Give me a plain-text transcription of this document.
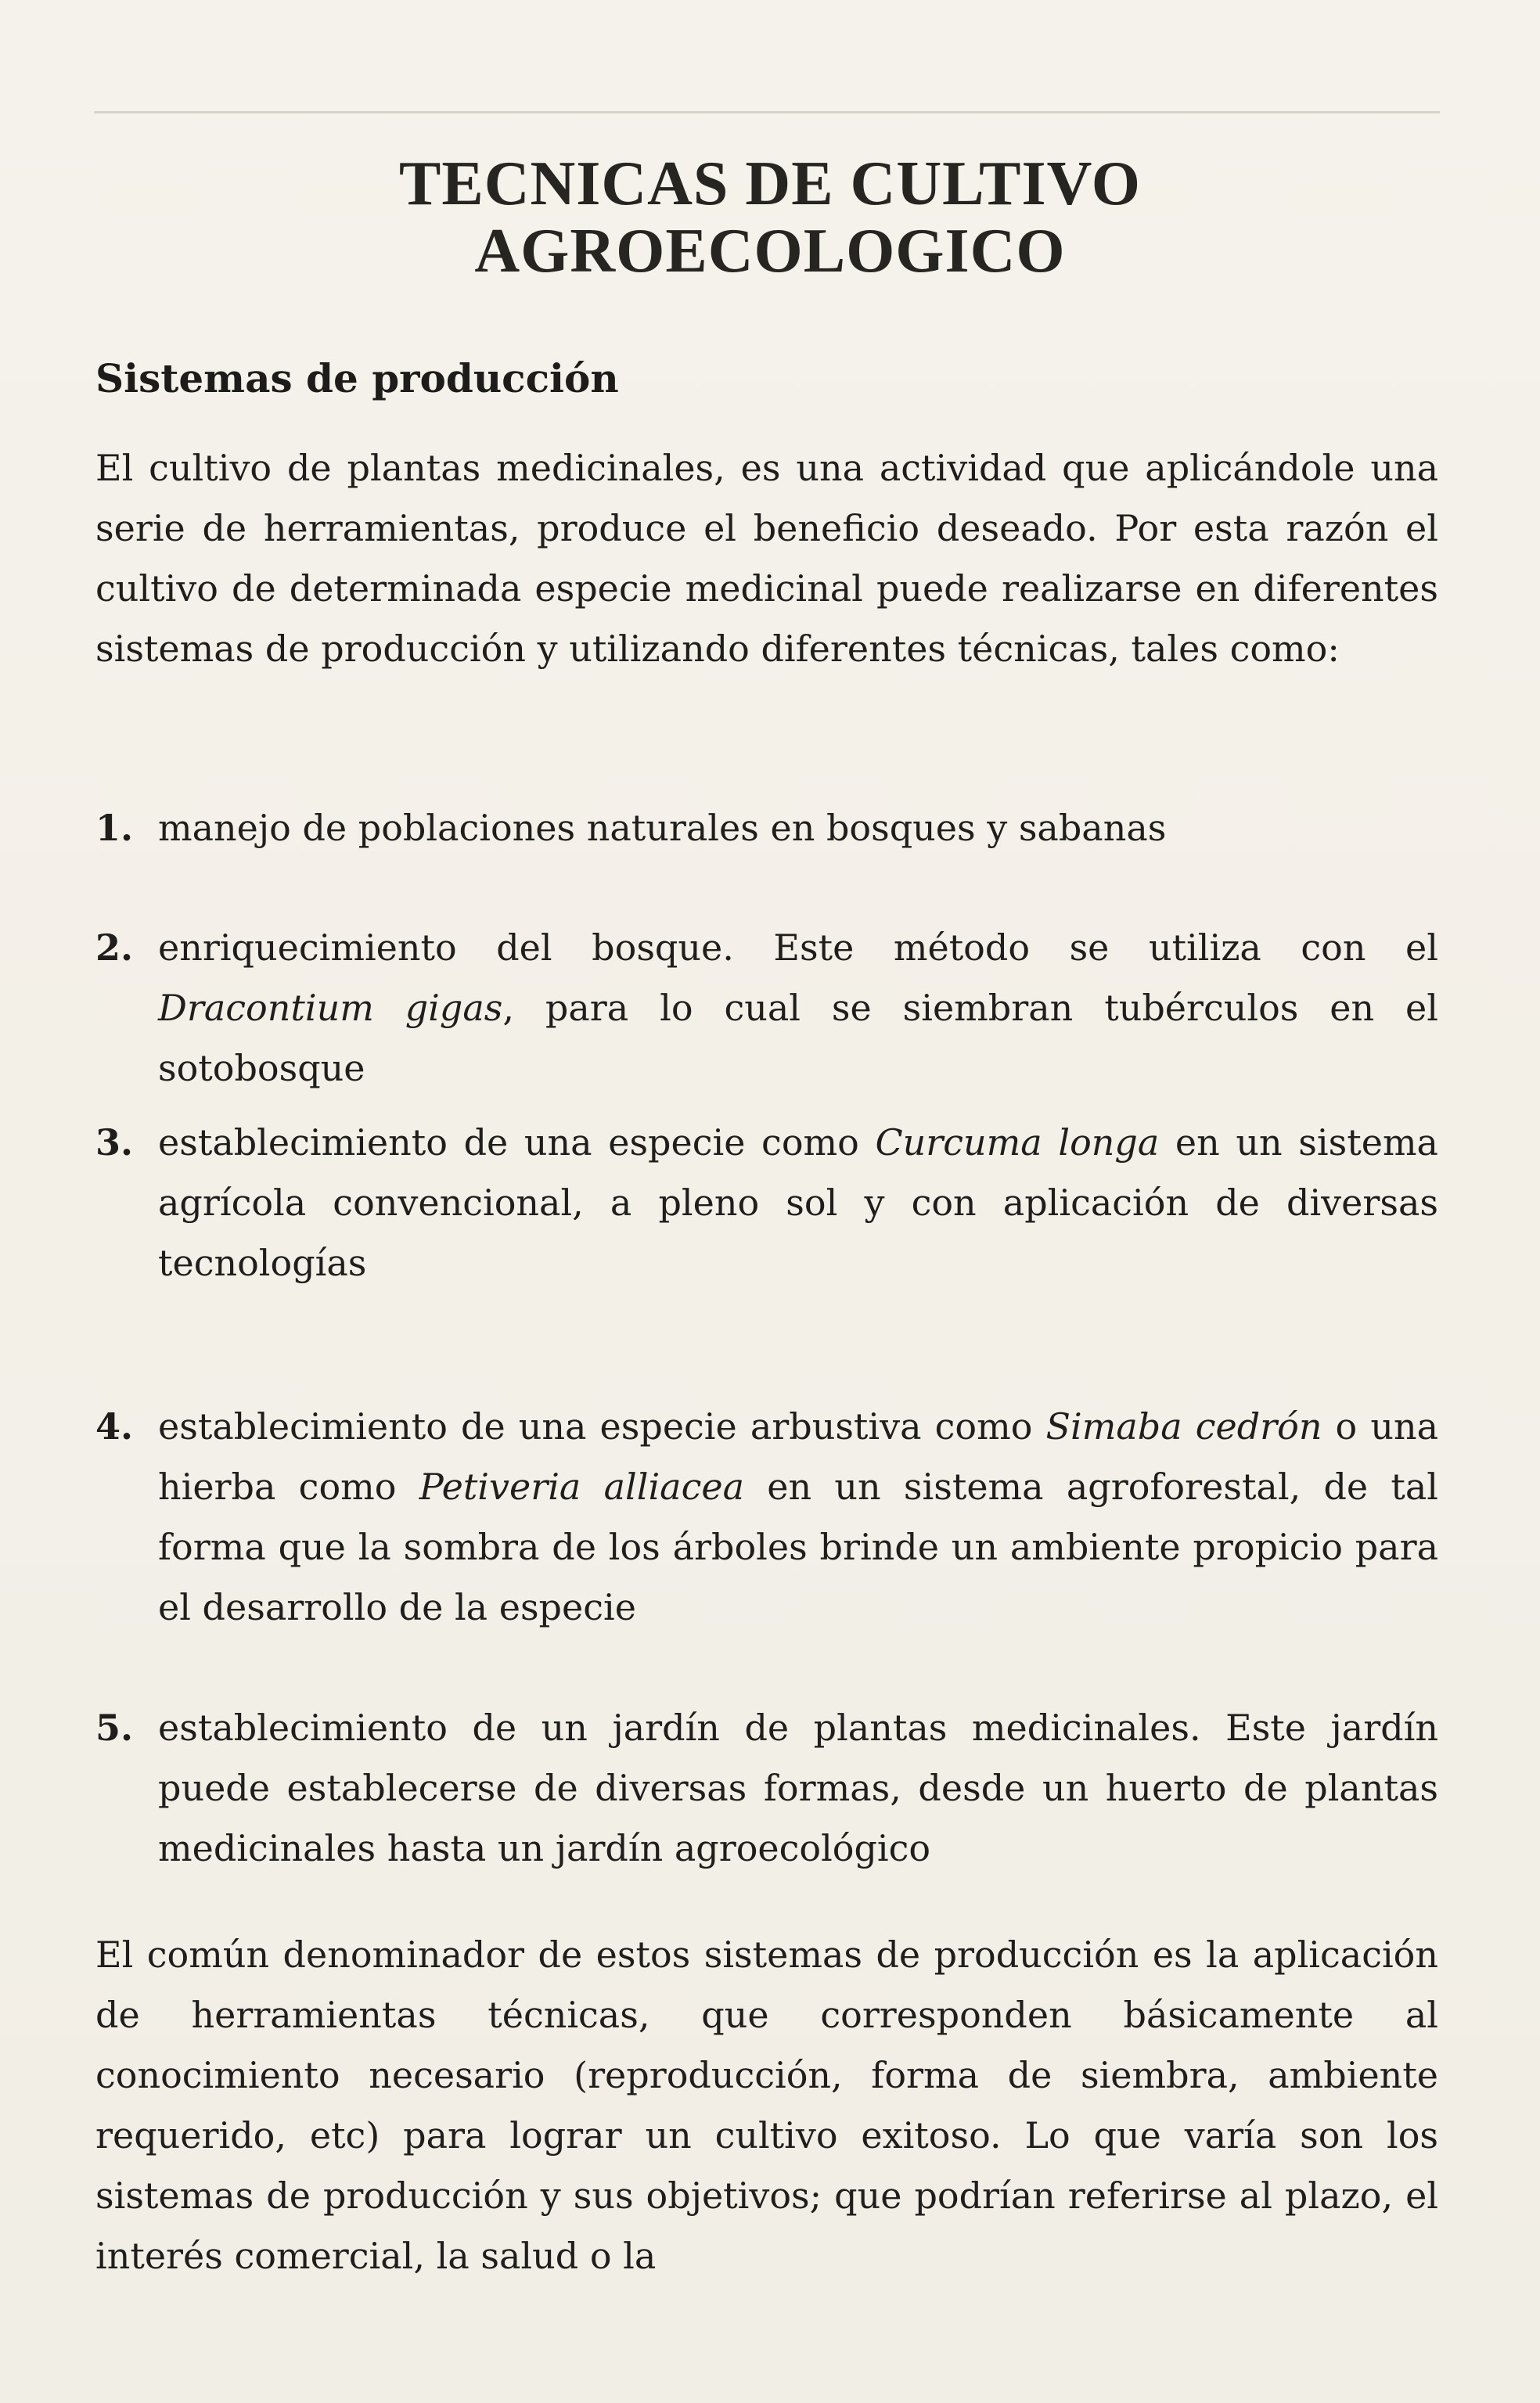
TECNICAS DE CULTIVO
AGROECOLOGICO
Sistemas de producción

El cultivo de plantas medicinales, es una actividad que aplicándole una serie de herramientas, produce el beneficio deseado. Por esta razón el cultivo de determinada especie medicinal puede realizarse en diferentes sistemas de producción y utilizando diferentes técnicas, tales como:

1. manejo de poblaciones naturales en bosques y sabanas
2. enriquecimiento del bosque. Este método se utiliza con el Dracontium gigas, para lo cual se siembran tubérculos en el sotobosque
3. establecimiento de una especie como Curcuma longa en un sistema agrícola convencional, a pleno sol y con aplicación de diversas tecnologías
4. establecimiento de una especie arbustiva como Simaba cedrón o una hierba como Petiveria alliacea en un sistema agroforestal, de tal forma que la sombra de los árboles brinde un ambiente propicio para el desarrollo de la especie
5. establecimiento de un jardín de plantas medicinales. Este jardín puede establecerse de diversas formas, desde un huerto de plantas medicinales hasta un jardín agroecológico

El común denominador de estos sistemas de producción es la aplicación de herramientas técnicas, que corresponden básicamente al conocimiento necesario (reproducción, forma de siembra, ambiente requerido, etc) para lograr un cultivo exitoso. Lo que varía son los sistemas de producción y sus objetivos; que podrían referirse al plazo, el interés comercial, la salud o la
